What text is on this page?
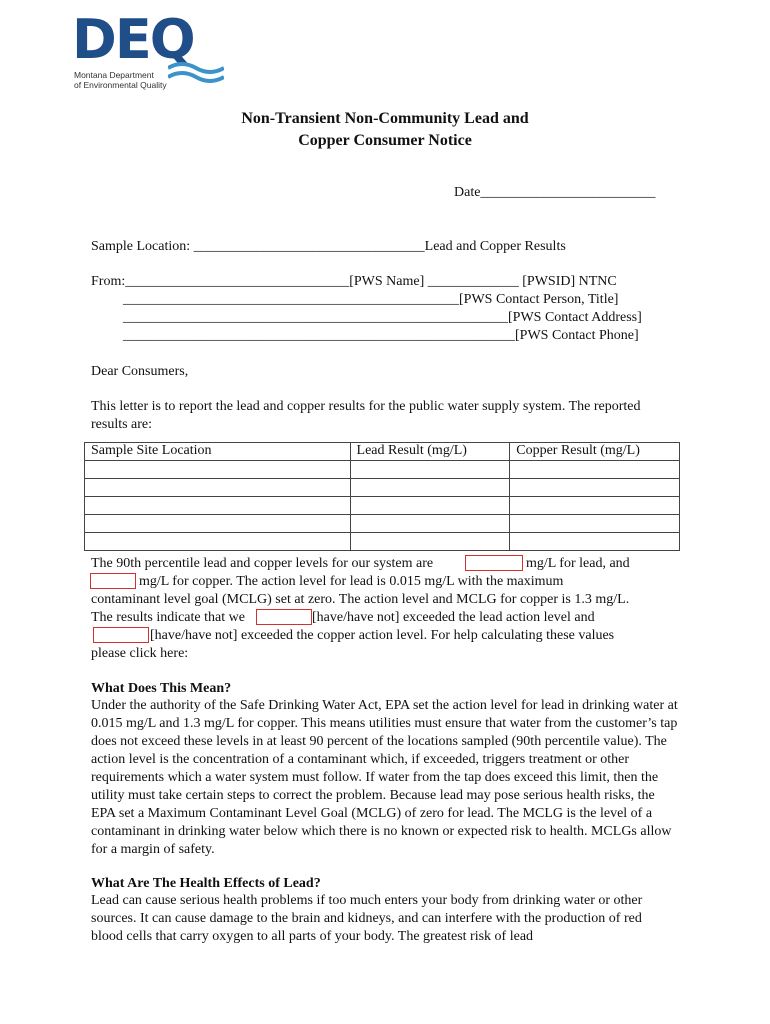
DEQ
Montana Department
of Environmental Quality
Non-Transient Non-Community Lead and
Copper Consumer Notice
Date_________________________
Sample Location: _________________________________Lead and Copper Results
From:________________________________[PWS Name] _____________ [PWSID] NTNC
________________________________________________[PWS Contact Person, Title]
_______________________________________________________[PWS Contact Address]
________________________________________________________[PWS Contact Phone]
Dear Consumers,
This letter is to report the lead and copper results for the public water supply system. The reported results are:
Sample Site Location	Lead Result (mg/L)	Copper Result (mg/L)

The 90th percentile lead and copper levels for our system are	mg/L for lead, and
mg/L for copper. The action level for lead is 0.015 mg/L with the maximum
contaminant level goal (MCLG) set at zero. The action level and MCLG for copper is 1.3 mg/L.
The results indicate that we	[have/have not] exceeded the lead action level and
[have/have not] exceeded the copper action level. For help calculating these values
please click here:
What Does This Mean?
Under the authority of the Safe Drinking Water Act, EPA set the action level for lead in drinking water at 0.015 mg/L and 1.3 mg/L for copper. This means utilities must ensure that water from the customer’s tap does not exceed these levels in at least 90 percent of the locations sampled (90th percentile value). The action level is the concentration of a contaminant which, if exceeded, triggers treatment or other requirements which a water system must follow. If water from the tap does exceed this limit, then the utility must take certain steps to correct the problem. Because lead may pose serious health risks, the EPA set a Maximum Contaminant Level Goal (MCLG) of zero for lead. The MCLG is the level of a contaminant in drinking water below which there is no known or expected risk to health. MCLGs allow for a margin of safety.
What Are The Health Effects of Lead?
Lead can cause serious health problems if too much enters your body from drinking water or other sources. It can cause damage to the brain and kidneys, and can interfere with the production of red blood cells that carry oxygen to all parts of your body. The greatest risk of lead
